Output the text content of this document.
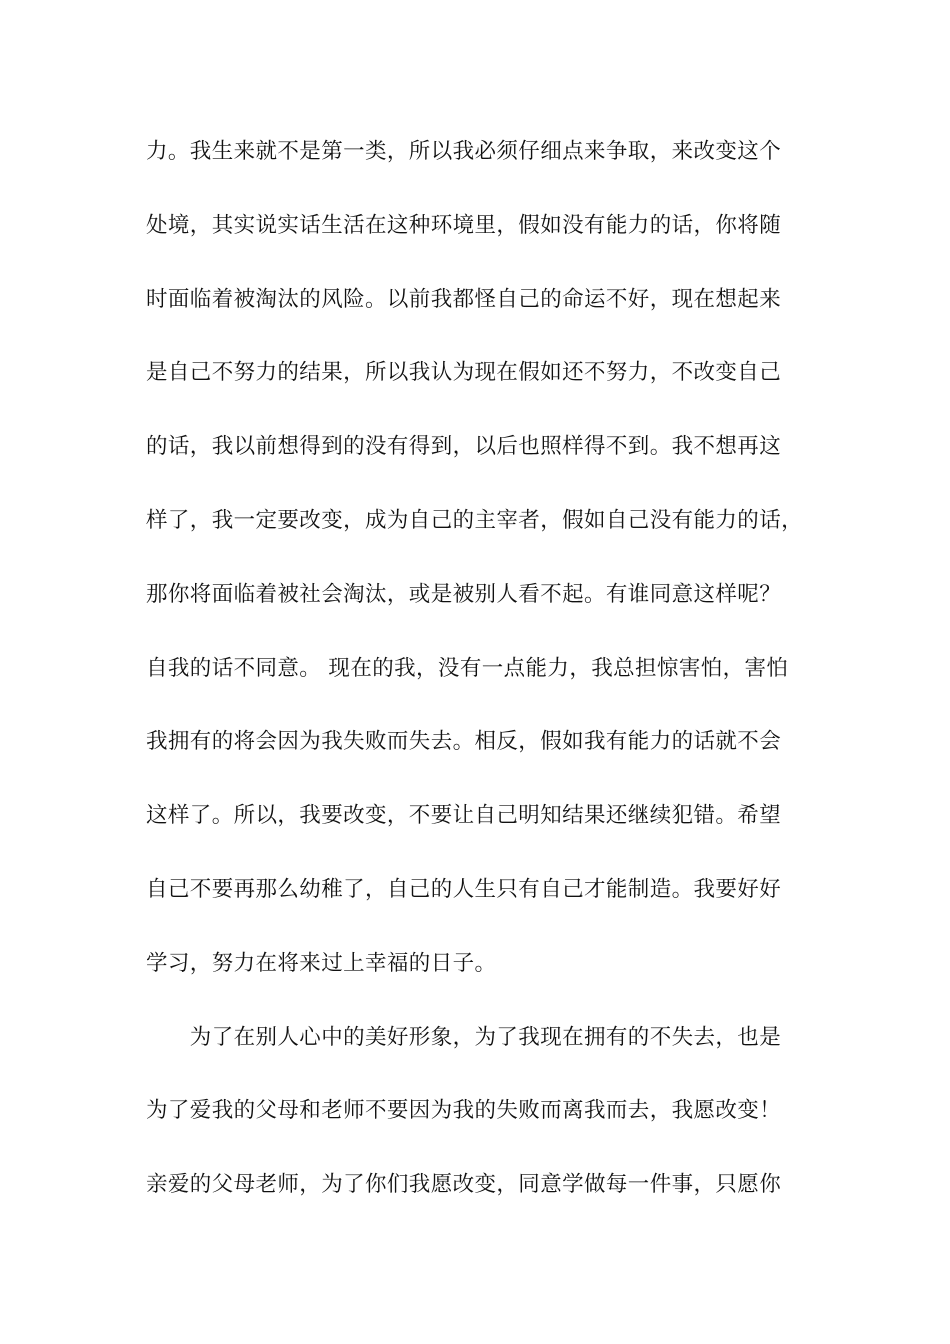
力。我生来就不是第一类，所以我必须仔细点来争取，来改变这个
处境，其实说实话生活在这种环境里，假如没有能力的话，你将随
时面临着被淘汰的风险。以前我都怪自己的命运不好，现在想起来
是自己不努力的结果，所以我认为现在假如还不努力，不改变自己
的话，我以前想得到的没有得到，以后也照样得不到。我不想再这
样了，我一定要改变，成为自己的主宰者，假如自己没有能力的话，
那你将面临着被社会淘汰，或是被别人看不起。有谁同意这样呢？
自我的话不同意。 现在的我，没有一点能力，我总担惊害怕，害怕
我拥有的将会因为我失败而失去。相反，假如我有能力的话就不会
这样了。所以，我要改变，不要让自己明知结果还继续犯错。希望
自己不要再那么幼稚了，自己的人生只有自己才能制造。我要好好
学习，努力在将来过上幸福的日子。
　　为了在别人心中的美好形象，为了我现在拥有的不失去，也是
为了爱我的父母和老师不要因为我的失败而离我而去，我愿改变！
亲爱的父母老师，为了你们我愿改变，同意学做每一件事，只愿你
